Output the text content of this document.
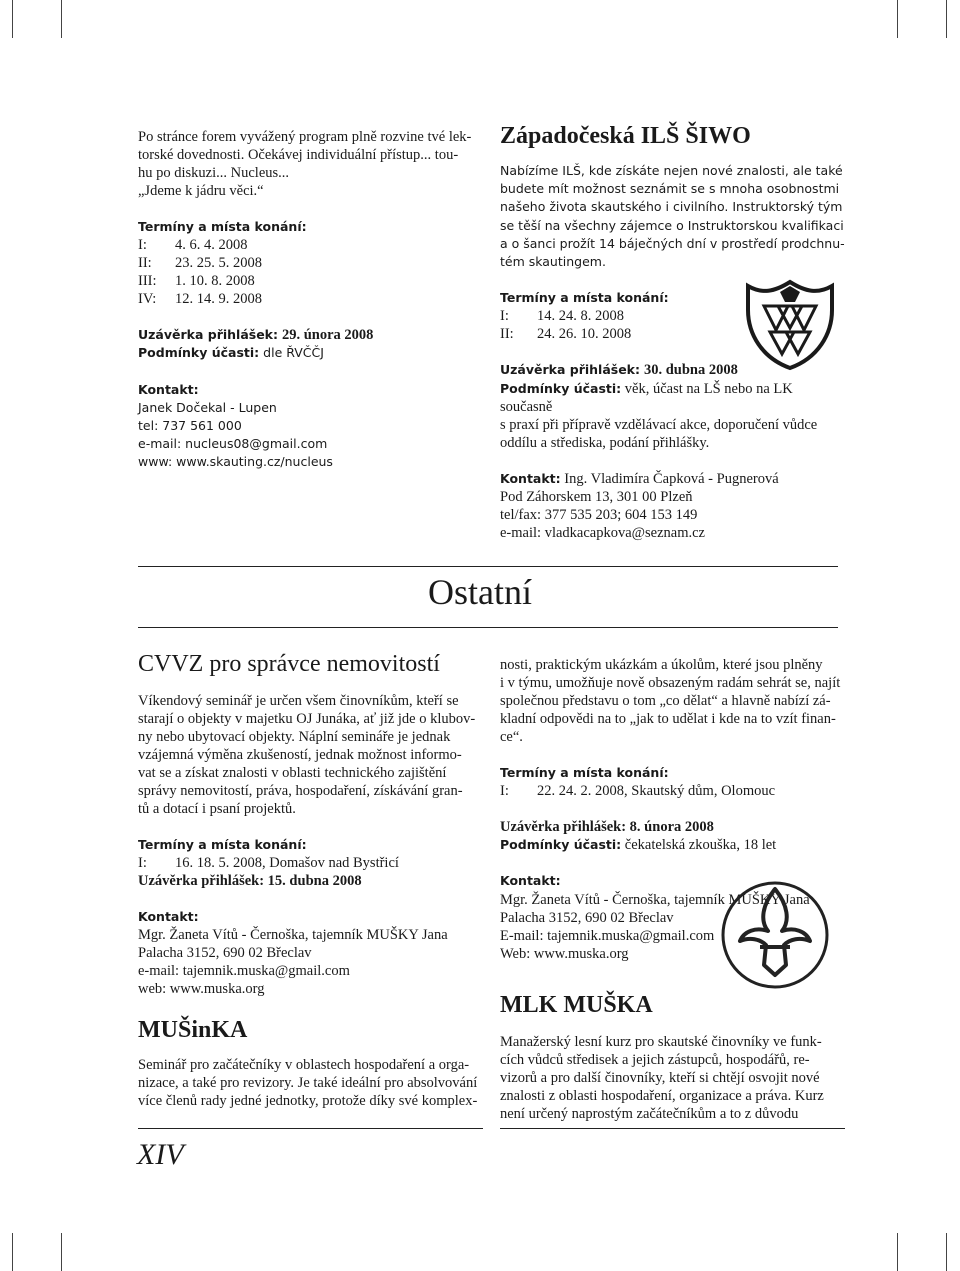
Po stránce forem vyvážený program plně rozvine tvé lek-

torské dovednosti. Očekávej individuální přístup... tou-

hu po diskuzi... Nucleus...

„Jdeme k jádru věci.“

Termíny a místa konání:
I:	4. 6. 4. 2008
II:	23. 25. 5. 2008
III:	1. 10. 8. 2008
IV:	12. 14. 9. 2008
Uzávěrka přihlášek: 29. února 2008
Podmínky účasti: dle ŘVČČJ
Kontakt:
Janek Dočekal - Lupen
tel: 737 561 000
e-mail: nucleus08@gmail.com
www: www.skauting.cz/nucleus
Západočeská ILŠ ŠIWO

Nabízíme ILŠ, kde získáte nejen nové znalosti, ale také

budete mít možnost seznámit se s mnoha osobnostmi

našeho života skautského i civilního. Instruktorský tým

se těší na všechny zájemce o Instruktorskou kvalifikaci

a o šanci prožít 14 báječných dní v prostředí prodchnu-

tém skautingem.

Termíny a místa konání:
I:	14. 24. 8. 2008
II:	24. 26. 10. 2008
Uzávěrka přihlášek: 30. dubna 2008
Podmínky účasti: věk, účast na LŠ nebo na LK současně
s praxí při přípravě vzdělávací akce, doporučení vůdce
oddílu a střediska, podání přihlášky.
Kontakt: Ing. Vladimíra Čapková - Pugnerová
Pod Záhorskem 13, 301 00 Plzeň
tel/fax: 377 535 203; 604 153 149
e-mail: vladkacapkova@seznam.cz
Ostatní
CVVZ pro správce nemovitostí

Víkendový seminář je určen všem činovníkům, kteří se

starají o objekty v majetku OJ Junáka, ať již jde o klubov-

ny nebo ubytovací objekty. Náplní semináře je jednak

vzájemná výměna zkušeností, jednak možnost informo-

vat se a získat znalosti v oblasti technického zajištění

správy nemovitostí, práva, hospodaření, získávání gran-

tů a dotací i psaní projektů.

Termíny a místa konání:
I:	16. 18. 5. 2008, Domašov nad Bystřicí
Uzávěrka přihlášek: 15. dubna 2008
Kontakt:
Mgr. Žaneta Vítů - Černoška, tajemník MUŠKY Jana
Palacha 3152, 690 02 Břeclav
e-mail: tajemnik.muska@gmail.com
web: www.muska.org
MUŠinKA

Seminář pro začátečníky v oblastech hospodaření a orga-

nizace, a také pro revizory. Je také ideální pro absolvování

více členů rady jedné jednotky, protože díky své komplex-

nosti, praktickým ukázkám a úkolům, které jsou plněny

i v týmu, umožňuje nově obsazeným radám sehrát se, najít

společnou představu o tom „co dělat“ a hlavně nabízí zá-

kladní odpovědi na to „jak to udělat i kde na to vzít finan-

ce“.

Termíny a místa konání:
I:	22. 24. 2. 2008, Skautský dům, Olomouc
Uzávěrka přihlášek: 8. února 2008
Podmínky účasti: čekatelská zkouška, 18 let
Kontakt:
Mgr. Žaneta Vítů - Černoška, tajemník MUŠKY Jana
Palacha 3152, 690 02 Břeclav
E-mail: tajemnik.muska@gmail.com
Web: www.muska.org
MLK MUŠKA

Manažerský lesní kurz pro skautské činovníky ve funk-

cích vůdců středisek a jejich zástupců, hospodářů, re-

vizorů a pro další činovníky, kteří si chtějí osvojit nové

znalosti z oblasti hospodaření, organizace a práva. Kurz

není určený naprostým začátečníkům a to z důvodu

XIV
